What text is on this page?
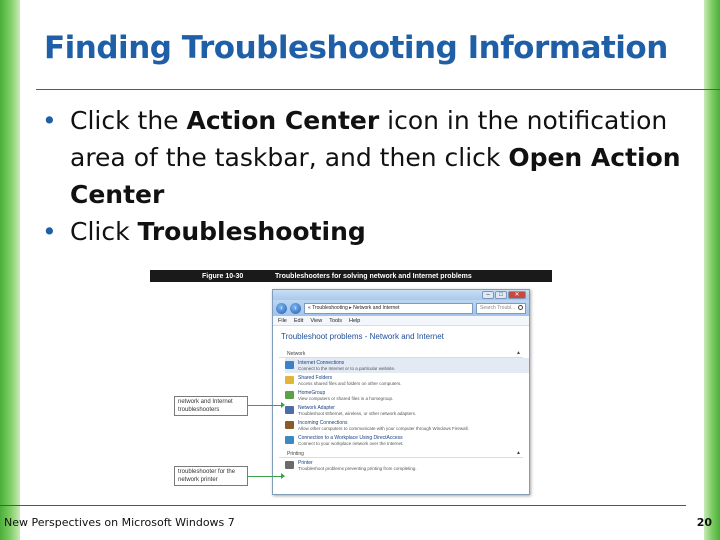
Finding Troubleshooting Information
• Click the Action Center icon in the notification area of the taskbar, and then click Open Action Center
• Click Troubleshooting
Figure 10-30	Troubleshooters for solving network and Internet problems
–	□	✕
‹	›	« Troubleshooting ▸ Network and Internet	Search Troubl...
File Edit View Tools Help
Troubleshoot problems - Network and Internet
Network	▲
Internet Connections
Connect to the Internet or to a particular website.
Shared Folders
Access shared files and folders on other computers.
HomeGroup
View computers or shared files in a homegroup.
Network Adapter
Troubleshoot Ethernet, wireless, or other network adapters.
Incoming Connections
Allow other computers to communicate with your computer through Windows Firewall.
Connection to a Workplace Using DirectAccess
Connect to your workplace network over the Internet.
Printing	▲
Printer
Troubleshoot problems preventing printing from completing.
network and Internet troubleshooters
troubleshooter for the network printer
New Perspectives on Microsoft Windows 7	20
